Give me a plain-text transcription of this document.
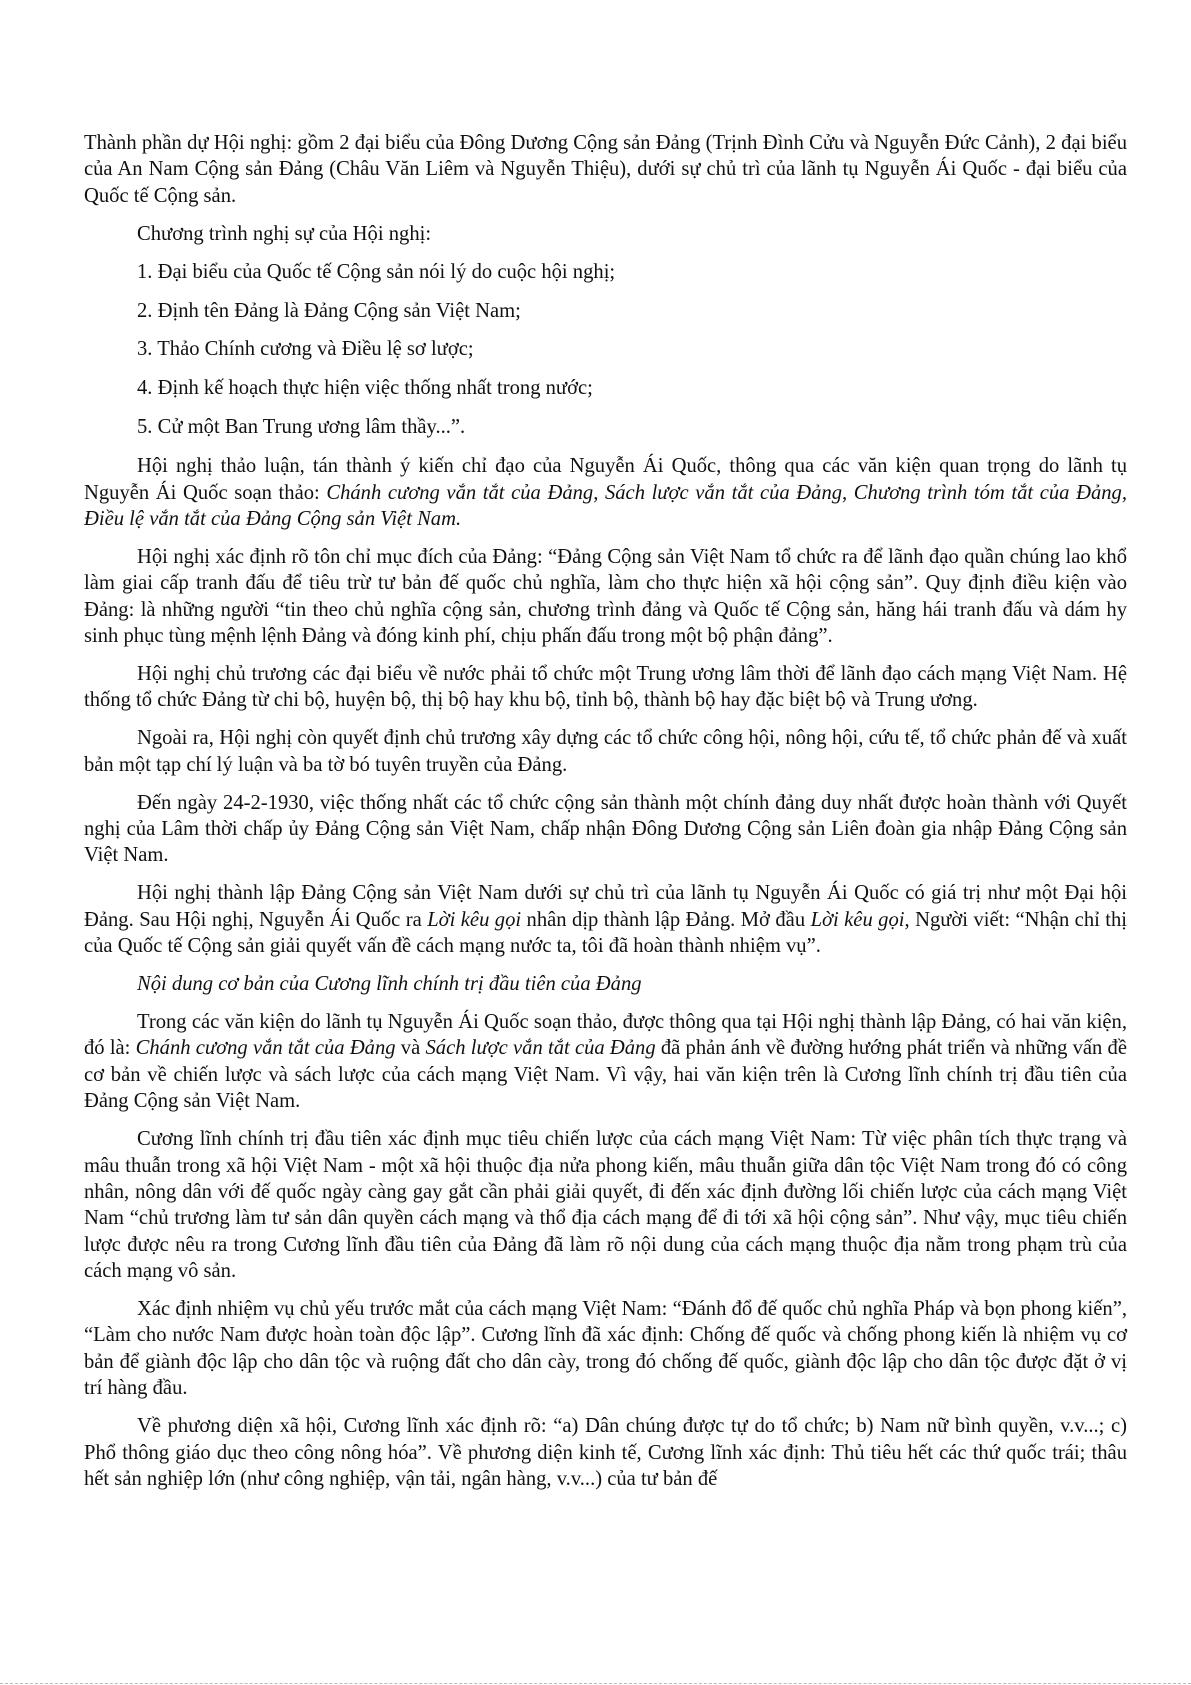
Thành phần dự Hội nghị: gồm 2 đại biểu của Đông Dương Cộng sản Đảng (Trịnh Đình Cửu và Nguyễn Đức Cảnh), 2 đại biểu của An Nam Cộng sản Đảng (Châu Văn Liêm và Nguyễn Thiệu), dưới sự chủ trì của lãnh tụ Nguyễn Ái Quốc - đại biểu của Quốc tế Cộng sản.

Chương trình nghị sự của Hội nghị:

1. Đại biểu của Quốc tế Cộng sản nói lý do cuộc hội nghị;

2. Định tên Đảng là Đảng Cộng sản Việt Nam;

3. Thảo Chính cương và Điều lệ sơ lược;

4. Định kế hoạch thực hiện việc thống nhất trong nước;

5. Cử một Ban Trung ương lâm thầy...”.

Hội nghị thảo luận, tán thành ý kiến chỉ đạo của Nguyễn Ái Quốc, thông qua các văn kiện quan trọng do lãnh tụ Nguyễn Ái Quốc soạn thảo: Chánh cương vắn tắt của Đảng, Sách lược vắn tắt của Đảng, Chương trình tóm tắt của Đảng, Điều lệ vắn tắt của Đảng Cộng sản Việt Nam.

Hội nghị xác định rõ tôn chỉ mục đích của Đảng: “Đảng Cộng sản Việt Nam tổ chức ra để lãnh đạo quần chúng lao khổ làm giai cấp tranh đấu để tiêu trừ tư bản đế quốc chủ nghĩa, làm cho thực hiện xã hội cộng sản”. Quy định điều kiện vào Đảng: là những người “tin theo chủ nghĩa cộng sản, chương trình đảng và Quốc tế Cộng sản, hăng hái tranh đấu và dám hy sinh phục tùng mệnh lệnh Đảng và đóng kinh phí, chịu phấn đấu trong một bộ phận đảng”.

Hội nghị chủ trương các đại biểu về nước phải tổ chức một Trung ương lâm thời để lãnh đạo cách mạng Việt Nam. Hệ thống tổ chức Đảng từ chi bộ, huyện bộ, thị bộ hay khu bộ, tỉnh bộ, thành bộ hay đặc biệt bộ và Trung ương.

Ngoài ra, Hội nghị còn quyết định chủ trương xây dựng các tổ chức công hội, nông hội, cứu tế, tổ chức phản đế và xuất bản một tạp chí lý luận và ba tờ bó tuyên truyền của Đảng.

Đến ngày 24-2-1930, việc thống nhất các tổ chức cộng sản thành một chính đảng duy nhất được hoàn thành với Quyết nghị của Lâm thời chấp ủy Đảng Cộng sản Việt Nam, chấp nhận Đông Dương Cộng sản Liên đoàn gia nhập Đảng Cộng sản Việt Nam.

Hội nghị thành lập Đảng Cộng sản Việt Nam dưới sự chủ trì của lãnh tụ Nguyễn Ái Quốc có giá trị như một Đại hội Đảng. Sau Hội nghị, Nguyễn Ái Quốc ra Lời kêu gọi nhân dịp thành lập Đảng. Mở đầu Lời kêu gọi, Người viết: “Nhận chỉ thị của Quốc tế Cộng sản giải quyết vấn đề cách mạng nước ta, tôi đã hoàn thành nhiệm vụ”.

Nội dung cơ bản của Cương lĩnh chính trị đầu tiên của Đảng

Trong các văn kiện do lãnh tụ Nguyễn Ái Quốc soạn thảo, được thông qua tại Hội nghị thành lập Đảng, có hai văn kiện, đó là: Chánh cương vắn tắt của Đảng và Sách lược vắn tắt của Đảng đã phản ánh về đường hướng phát triển và những vấn đề cơ bản về chiến lược và sách lược của cách mạng Việt Nam. Vì vậy, hai văn kiện trên là Cương lĩnh chính trị đầu tiên của Đảng Cộng sản Việt Nam.

Cương lĩnh chính trị đầu tiên xác định mục tiêu chiến lược của cách mạng Việt Nam: Từ việc phân tích thực trạng và mâu thuẫn trong xã hội Việt Nam - một xã hội thuộc địa nửa phong kiến, mâu thuẫn giữa dân tộc Việt Nam trong đó có công nhân, nông dân với đế quốc ngày càng gay gắt cần phải giải quyết, đi đến xác định đường lối chiến lược của cách mạng Việt Nam “chủ trương làm tư sản dân quyền cách mạng và thổ địa cách mạng để đi tới xã hội cộng sản”. Như vậy, mục tiêu chiến lược được nêu ra trong Cương lĩnh đầu tiên của Đảng đã làm rõ nội dung của cách mạng thuộc địa nằm trong phạm trù của cách mạng vô sản.

Xác định nhiệm vụ chủ yếu trước mắt của cách mạng Việt Nam: “Đánh đổ đế quốc chủ nghĩa Pháp và bọn phong kiến”, “Làm cho nước Nam được hoàn toàn độc lập”. Cương lĩnh đã xác định: Chống đế quốc và chống phong kiến là nhiệm vụ cơ bản để giành độc lập cho dân tộc và ruộng đất cho dân cày, trong đó chống đế quốc, giành độc lập cho dân tộc được đặt ở vị trí hàng đầu.

Về phương diện xã hội, Cương lĩnh xác định rõ: “a) Dân chúng được tự do tổ chức; b) Nam nữ bình quyền, v.v...; c) Phổ thông giáo dục theo công nông hóa”. Về phương diện kinh tế, Cương lĩnh xác định: Thủ tiêu hết các thứ quốc trái; thâu hết sản nghiệp lớn (như công nghiệp, vận tải, ngân hàng, v.v...) của tư bản đế
